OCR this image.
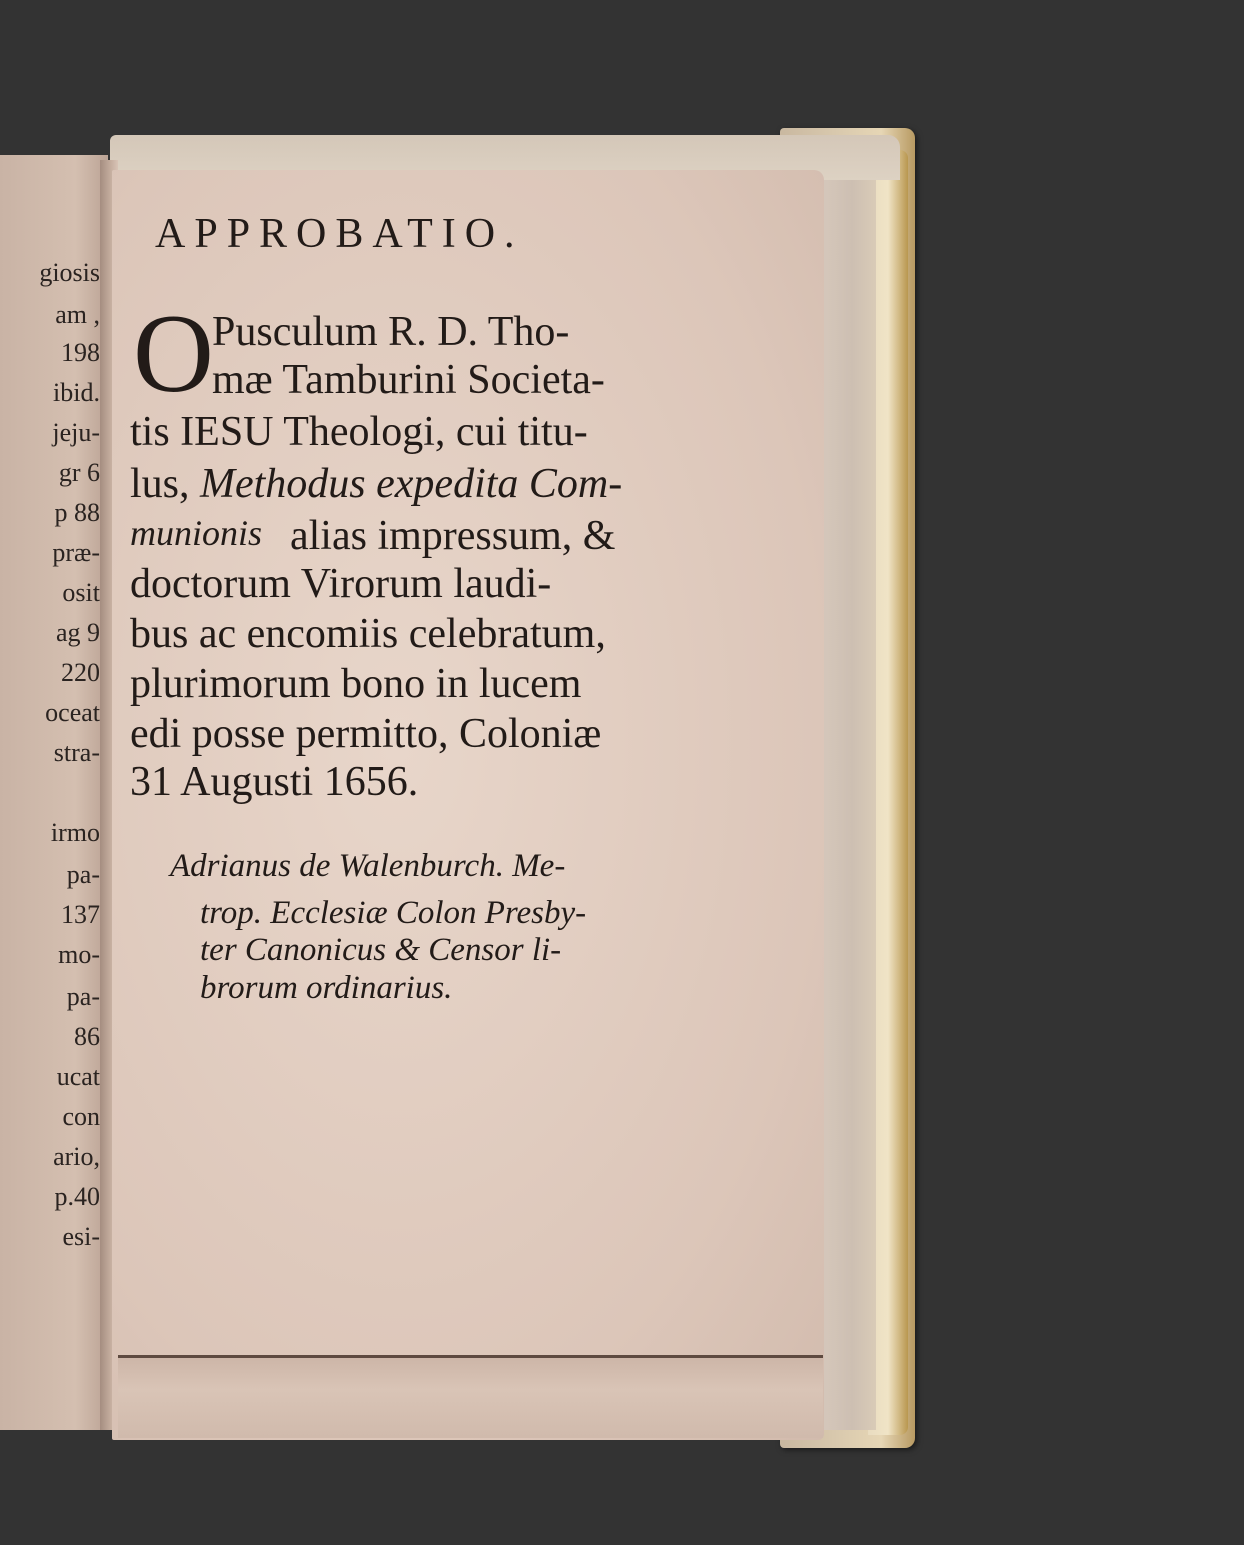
giosis
am ,
198
ibid.
jeju-
gr 6
p 88
præ-
osit
ag 9
220
oceat
stra-
irmo
pa-
137
mo-
pa-
86
ucat
con
ario,
p.40
esi-
APPROBATIO.
O
Pusculum R. D. Tho-
mæ Tamburini Societa-
tis IESU Theologi, cui titu-
lus, Methodus expedita Com-
munionis alias impressum, &
doctorum Virorum laudi-
bus ac encomiis celebratum,
plurimorum bono in lucem
edi posse permitto, Coloniæ
31 Augusti 1656.
Adrianus de Walenburch. Me-
trop. Ecclesiæ Colon Presby-
ter Canonicus & Censor li-
brorum ordinarius.
